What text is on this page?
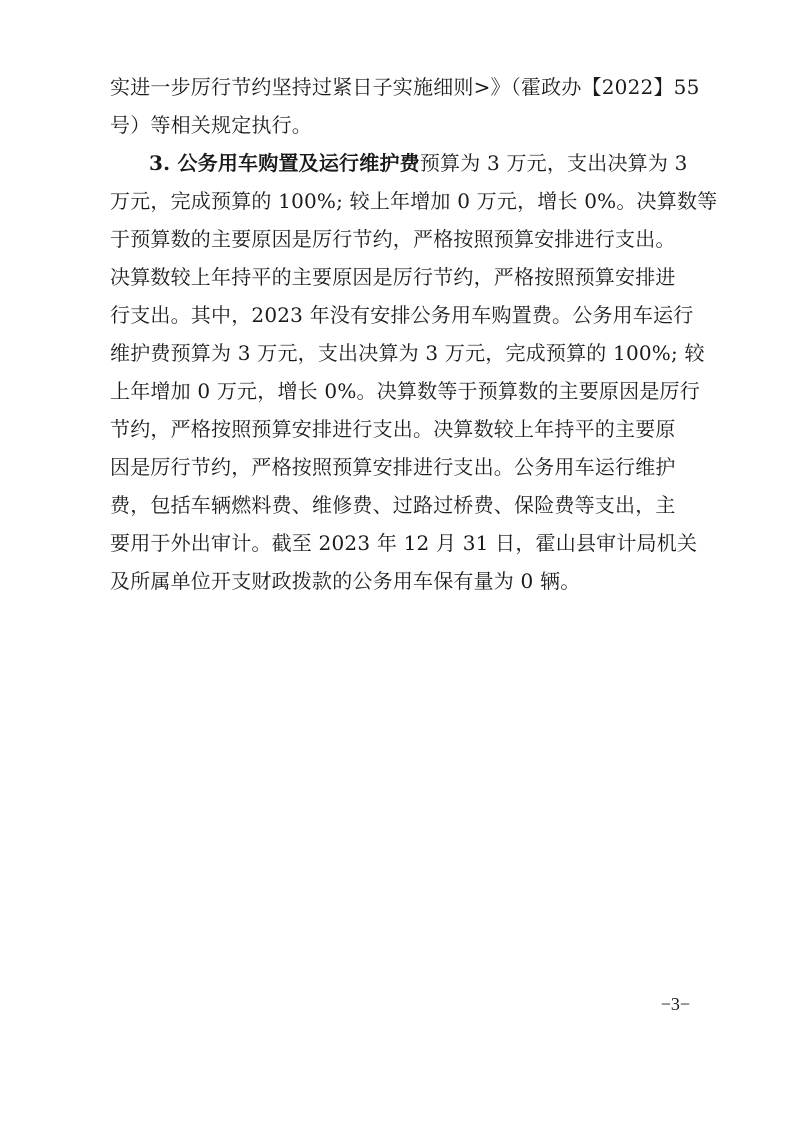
实进一步厉行节约坚持过紧日子实施细则>》（霍政办【2022】55
号）等相关规定执行。
3. 公务用车购置及运行维护费预算为 3 万元，支出决算为 3
万元，完成预算的 100%; 较上年增加 0 万元，增长 0%。决算数等
于预算数的主要原因是厉行节约，严格按照预算安排进行支出。
决算数较上年持平的主要原因是厉行节约，严格按照预算安排进
行支出。其中，2023 年没有安排公务用车购置费。公务用车运行
维护费预算为 3 万元，支出决算为 3 万元，完成预算的 100%; 较
上年增加 0 万元，增长 0%。决算数等于预算数的主要原因是厉行
节约，严格按照预算安排进行支出。决算数较上年持平的主要原
因是厉行节约，严格按照预算安排进行支出。公务用车运行维护
费，包括车辆燃料费、维修费、过路过桥费、保险费等支出，主
要用于外出审计。截至 2023 年 12 月 31 日，霍山县审计局机关
及所属单位开支财政拨款的公务用车保有量为 0 辆。
−3−
